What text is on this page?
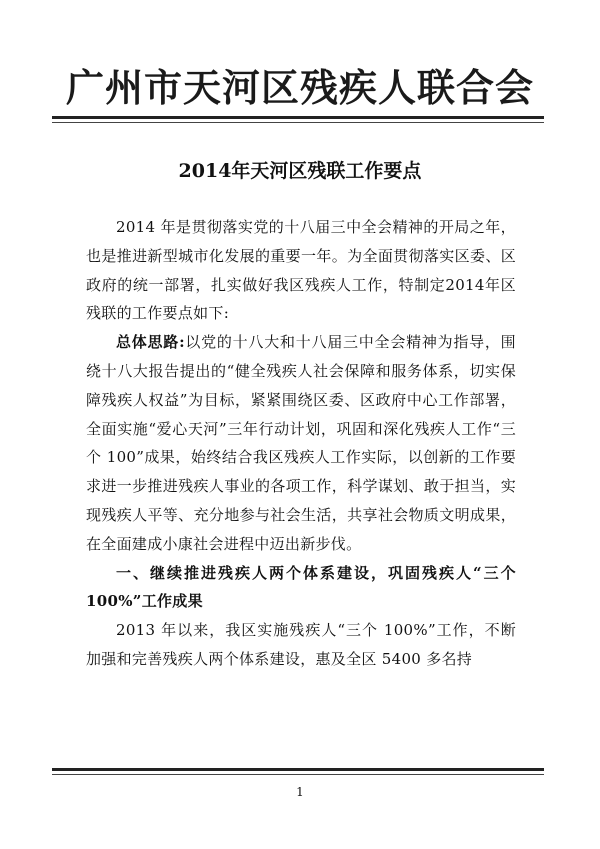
广州市天河区残疾人联合会
2014年天河区残联工作要点

2014 年是贯彻落实党的十八届三中全会精神的开局之年，也是推进新型城市化发展的重要一年。为全面贯彻落实区委、区政府的统一部署，扎实做好我区残疾人工作，特制定2014年区残联的工作要点如下:

总体思路:以党的十八大和十八届三中全会精神为指导，围绕十八大报告提出的“健全残疾人社会保障和服务体系，切实保障残疾人权益”为目标，紧紧围绕区委、区政府中心工作部署，全面实施“爱心天河”三年行动计划，巩固和深化残疾人工作“三个 100”成果，始终结合我区残疾人工作实际，以创新的工作要求进一步推进残疾人事业的各项工作，科学谋划、敢于担当，实现残疾人平等、充分地参与社会生活，共享社会物质文明成果，在全面建成小康社会进程中迈出新步伐。

一、继续推进残疾人两个体系建设，巩固残疾人“三个 100%”工作成果

2013 年以来，我区实施残疾人“三个 100%”工作，不断加强和完善残疾人两个体系建设，惠及全区 5400 多名持

1
